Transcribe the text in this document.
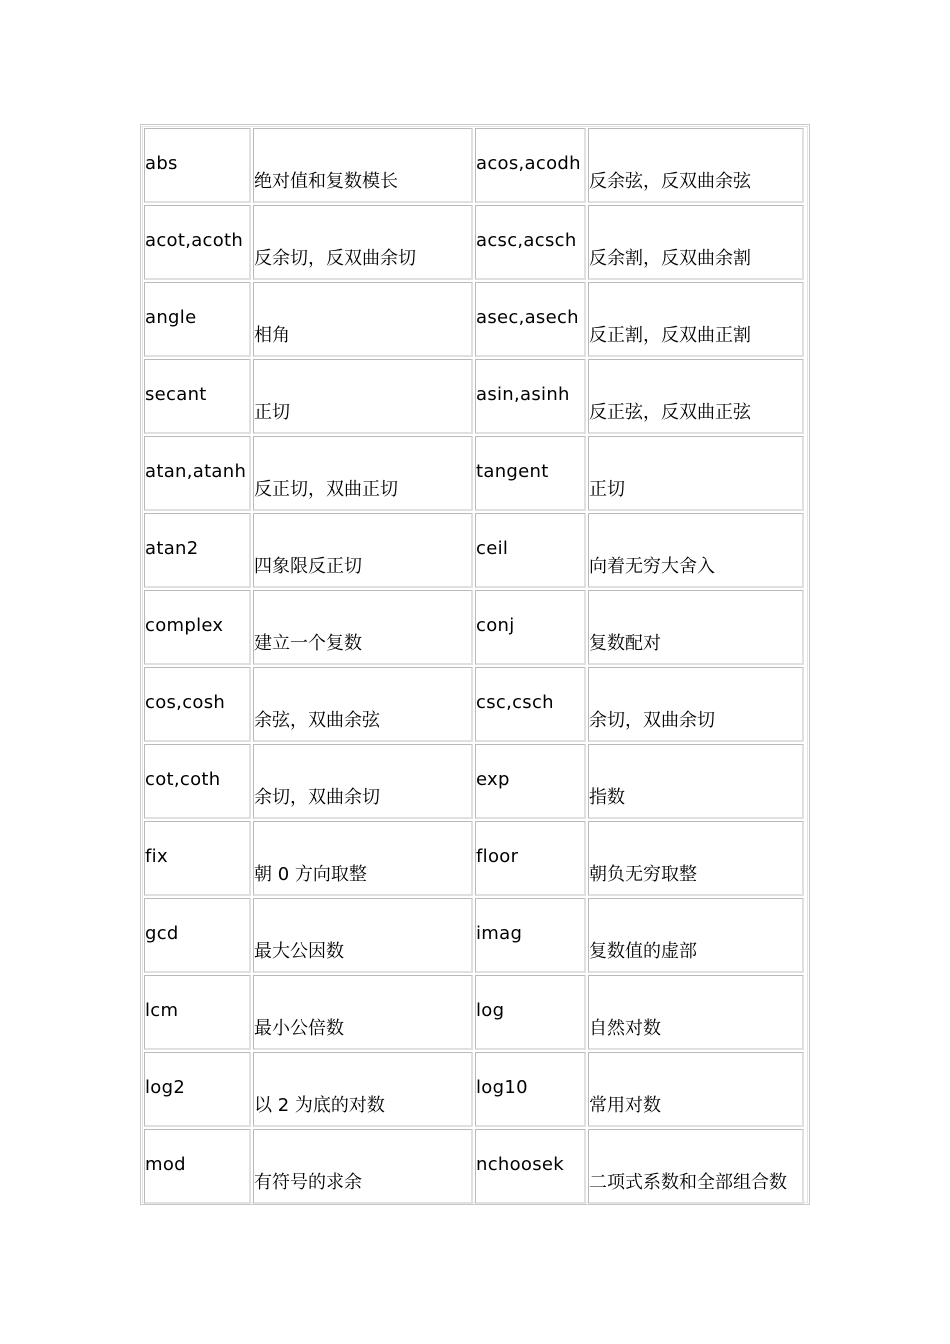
abs
绝对值和复数模长
acos,acodh
反余弦，反双曲余弦
acot,acoth
反余切，反双曲余切
acsc,acsch
反余割，反双曲余割
angle
相角
asec,asech
反正割，反双曲正割
secant
正切
asin,asinh
反正弦，反双曲正弦
atan,atanh
反正切，双曲正切
tangent
正切
atan2
四象限反正切
ceil
向着无穷大舍入
complex
建立一个复数
conj
复数配对
cos,cosh
余弦，双曲余弦
csc,csch
余切，双曲余切
cot,coth
余切，双曲余切
exp
指数
fix
朝 0 方向取整
floor
朝负无穷取整
gcd
最大公因数
imag
复数值的虚部
lcm
最小公倍数
log
自然对数
log2
以 2 为底的对数
log10
常用对数
mod
有符号的求余
nchoosek
二项式系数和全部组合数
